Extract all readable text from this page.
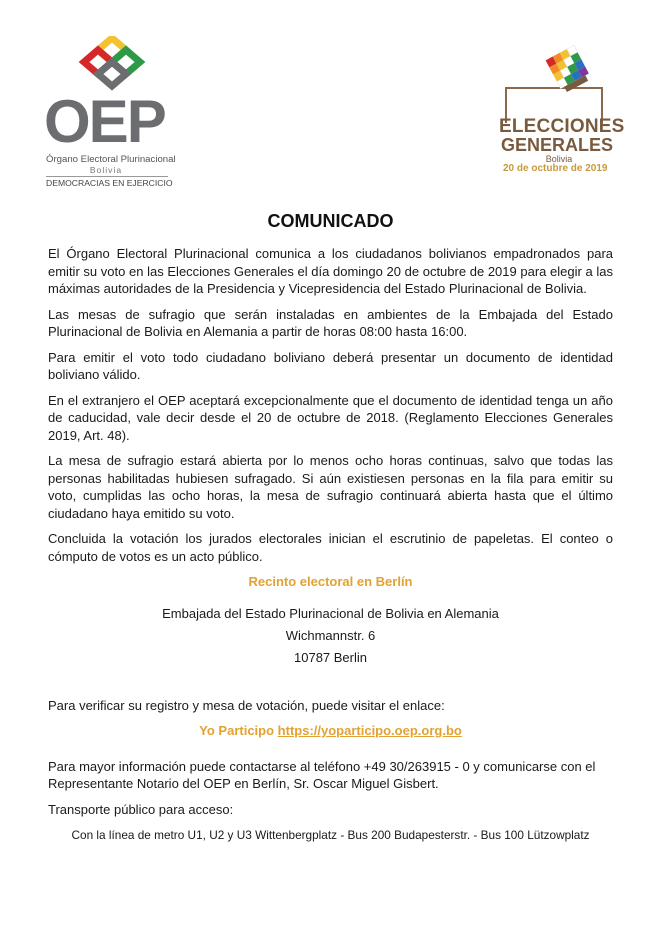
OEP
Órgano Electoral Plurinacional
Bolivia
DEMOCRACIAS EN EJERCICIO
ELECCIONES
GENERALES
Bolivia
20 de octubre de 2019
COMUNICADO

El Órgano Electoral Plurinacional comunica a los ciudadanos bolivianos empadronados para emitir su voto en las Elecciones Generales el día domingo 20 de octubre de 2019 para elegir a las máximas autoridades de la Presidencia y Vicepresidencia del Estado Plurinacional de Bolivia.

Las mesas de sufragio que serán instaladas en ambientes de la Embajada del Estado Plurinacional de Bolivia en Alemania a partir de horas 08:00 hasta 16:00.

Para emitir el voto todo ciudadano boliviano deberá presentar un documento de identidad boliviano válido.

En el extranjero el OEP aceptará excepcionalmente que el documento de identidad tenga un año de caducidad, vale decir desde el 20 de octubre de 2018. (Reglamento Elecciones Generales 2019, Art. 48).

La mesa de sufragio estará abierta por lo menos ocho horas continuas, salvo que todas las personas habilitadas hubiesen sufragado. Si aún existiesen personas en la fila para emitir su voto, cumplidas las ocho horas, la mesa de sufragio continuará abierta hasta que el último ciudadano haya emitido su voto.

Concluida la votación los jurados electorales inician el escrutinio de papeletas. El conteo o cómputo de votos es un acto público.

Recinto electoral en Berlín
Embajada del Estado Plurinacional de Bolivia en Alemania
Wichmannstr. 6
10787 Berlin

Para verificar su registro y mesa de votación, puede visitar el enlace:

Yo Participo https://yoparticipo.oep.org.bo

Para mayor información puede contactarse al teléfono +49 30/263915 - 0 y comunicarse con el Representante Notario del OEP en Berlín, Sr. Oscar Miguel Gisbert.

Transporte público para acceso:

Con la línea de metro U1, U2 y U3 Wittenbergplatz - Bus 200 Budapesterstr. - Bus 100 Lützowplatz
